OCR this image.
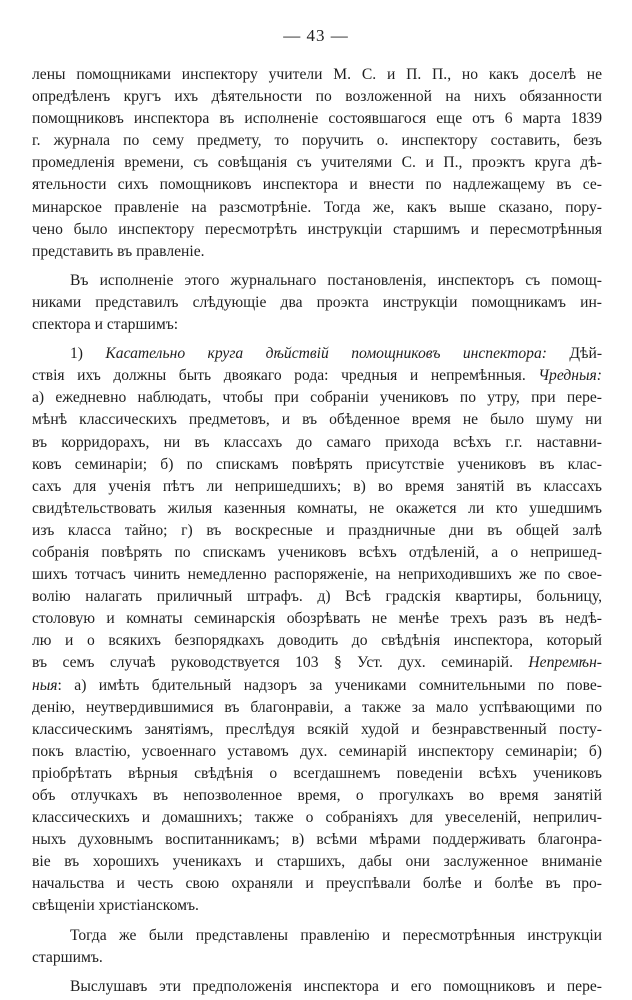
— 43 —
лены помощниками инспектору учители М. С. и П. П., но какъ доселѣ не
опредѣленъ кругъ ихъ дѣятельности по возложенной на нихъ обязанности
помощниковъ инспектора въ исполненіе состоявшагося еще отъ 6 марта 1839
г. журнала по сему предмету, то поручить о. инспектору составить, безъ
промедленія времени, съ совѣщанія съ учителями С. и П., проэктъ круга дѣ-
ятельности сихъ помощниковъ инспектора и внести по надлежащему въ се-
минарское правленіе на разсмотрѣніе. Тогда же, какъ выше сказано, пору-
чено было инспектору пересмотрѣть инструкціи старшимъ и пересмотрѣнныя
представить въ правленіе.
Въ исполненіе этого журнальнаго постановленія, инспекторъ съ помощ-
никами представилъ слѣдующіе два проэкта инструкціи помощникамъ ин-
спектора и старшимъ:
1) Касательно круга дѣйствій помощниковъ инспектора: Дѣй-
ствія ихъ должны быть двоякаго рода: чредныя и непремѣнныя. Чредныя:
а) ежедневно наблюдать, чтобы при собраніи учениковъ по утру, при пере-
мѣнѣ классическихъ предметовъ, и въ обѣденное время не было шуму ни
въ корридорахъ, ни въ классахъ до самаго прихода всѣхъ г.г. наставни-
ковъ семинаріи; б) по спискамъ повѣрять присутствіе учениковъ въ клас-
сахъ для ученія пѣтъ ли непришедшихъ; в) во время занятій въ классахъ
свидѣтельствовать жилыя казенныя комнаты, не окажется ли кто ушедшимъ
изъ класса тайно; г) въ воскресные и праздничные дни въ общей залѣ
собранія повѣрять по спискамъ учениковъ всѣхъ отдѣленій, а о непришед-
шихъ тотчасъ чинить немедленно распоряженіе, на неприходившихъ же по свое-
волію налагать приличный штрафъ. д) Всѣ градскія квартиры, больницу,
столовую и комнаты семинарскія обозрѣвать не менѣе трехъ разъ въ недѣ-
лю и о всякихъ безпорядкахъ доводить до свѣдѣнія инспектора, который
въ семъ случаѣ руководствуется 103 § Уст. дух. семинарій. Непремѣн-
ныя: а) имѣть бдительный надзоръ за учениками сомнительными по пове-
денію, неутвердившимися въ благонравіи, а также за мало успѣвающими по
классическимъ занятіямъ, преслѣдуя всякій худой и безнравственный посту-
покъ властію, усвоеннаго уставомъ дух. семинарій инспектору семинаріи; б)
пріобрѣтать вѣрныя свѣдѣнія о всегдашнемъ поведеніи всѣхъ учениковъ
объ отлучкахъ въ непозволенное время, о прогулкахъ во время занятій
классическихъ и домашнихъ; также о собраніяхъ для увеселеній, неприлич-
ныхъ духовнымъ воспитанникамъ; в) всѣми мѣрами поддерживать благонра-
віе въ хорошихъ ученикахъ и старшихъ, дабы они заслуженное вниманіе
начальства и честь свою охраняли и преуспѣвали болѣе и болѣе въ про-
свѣщеніи христіанскомъ.
Тогда же были представлены правленію и пересмотрѣнныя инструкціи
старшимъ.
Выслушавъ эти предположенія инспектора и его помощниковъ и пере-
